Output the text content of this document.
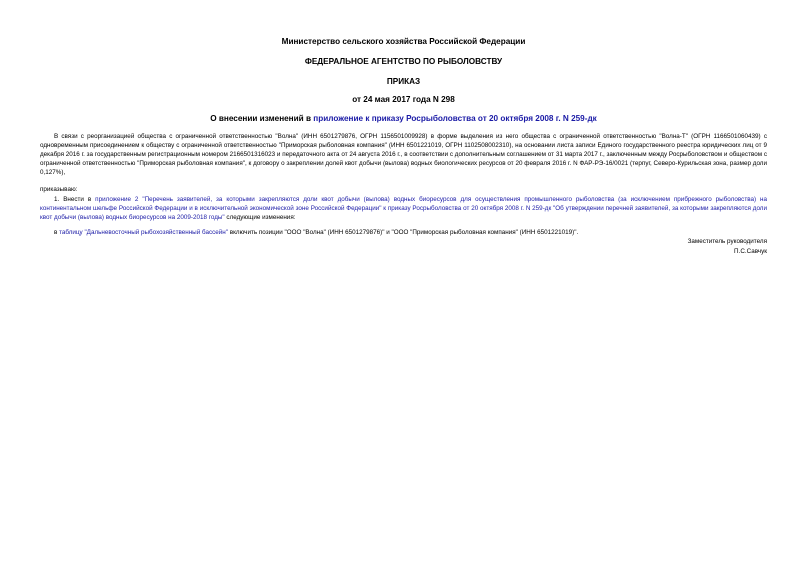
Министерство сельского хозяйства Российской Федерации
ФЕДЕРАЛЬНОЕ АГЕНТСТВО ПО РЫБОЛОВСТВУ
ПРИКАЗ
от 24 мая 2017 года N 298
О внесении изменений в приложение к приказу Росрыболовства от 20 октября 2008 г. N 259-дк

В связи с реорганизацией общества с ограниченной ответственностью "Волна" (ИНН 6501279876, ОГРН 1156501009928) в форме выделения из него общества с ограниченной ответственностью "Волна-Т" (ОГРН 1166501060439) с одновременным присоединением к обществу с ограниченной ответственностью "Приморская рыболовная компания" (ИНН 6501221019, ОГРН 1102508002310), на основании листа записи Единого государственного реестра юридических лиц от 9 декабря 2016 г. за государственным регистрационным номером 2166501316023 и передаточного акта от 24 августа 2016 г., в соответствии с дополнительным соглашением от 31 марта 2017 г., заключенным между Росрыболовством и обществом с ограниченной ответственностью "Приморская рыболовная компания", к договору о закреплении долей квот добычи (вылова) водных биологических ресурсов от 20 февраля 2016 г. N ФАР-РЭ-16/0021 (терпуг, Северо-Курильская зона, размер доли 0,127%),

приказываю:

1. Внести в приложение 2 "Перечень заявителей, за которыми закрепляются доли квот добычи (вылова) водных биоресурсов для осуществления промышленного рыболовства (за исключением прибрежного рыболовства) на континентальном шельфе Российской Федерации и в исключительной экономической зоне Российской Федерации" к приказу Росрыболовства от 20 октября 2008 г. N 259-дк "Об утверждении перечней заявителей, за которыми закрепляются доли квот добычи (вылова) водных биоресурсов на 2009-2018 годы" следующие изменения:

в таблицу "Дальневосточный рыбохозяйственный бассейн" включить позиции "ООО "Волна" (ИНН 6501279876)" и "ООО "Приморская рыболовная компания" (ИНН 6501221019)".

Заместитель руководителя
П.С.Савчук
